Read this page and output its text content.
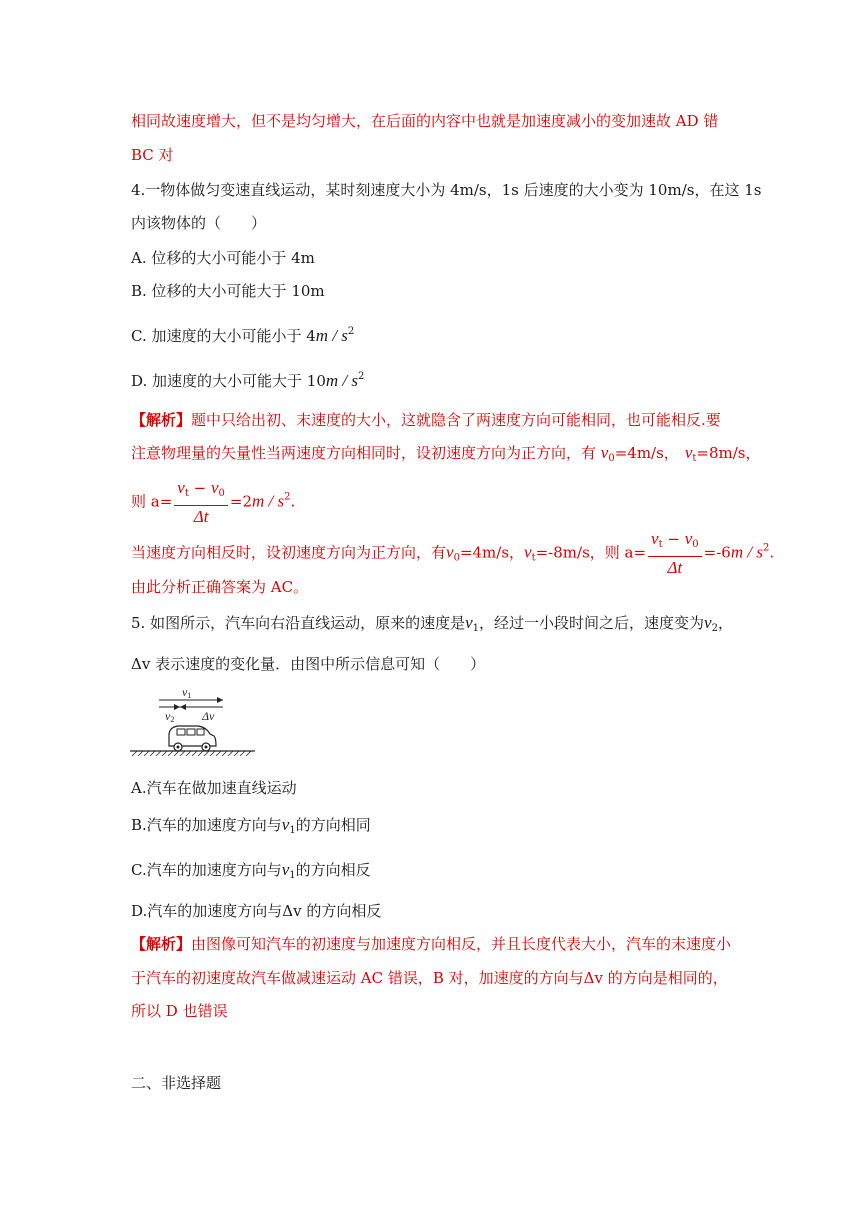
相同故速度增大，但不是均匀增大，在后面的内容中也就是加速度减小的变加速故 AD 错
BC 对
4.一物体做匀变速直线运动，某时刻速度大小为 4m/s，1s 后速度的大小变为 10m/s，在这 1s
内该物体的（　　）
A. 位移的大小可能小于 4m
B. 位移的大小可能大于 10m
C. 加速度的大小可能小于 $4m / s^2$
D. 加速度的大小可能大于 $10m / s^2$
【解析】题中只给出初、末速度的大小，这就隐含了两速度方向可能相同，也可能相反.要
注意物理量的矢量性当两速度方向相同时，设初速度方向为正方向，有 $v_0=4m/s$， $v_t=8m/s$，
则 $a= \frac{v_t - v_0}{\Delta t} =2m / s^2$.
当速度方向相反时，设初速度方向为正方向，有$v_0=4m/s$，$v_t=-8m/s$，则 $a= \frac{v_t - v_0}{\Delta t} =-6m / s^2$.
由此分析正确答案为 AC。
5. 如图所示，汽车向右沿直线运动，原来的速度是$v_1$，经过一小段时间之后，速度变为$v_2$，
Δv 表示速度的变化量．由图中所示信息可知（　　）
v1
v2 Δv
A.汽车在做加速直线运动
B.汽车的加速度方向与$v_1$的方向相同
C.汽车的加速度方向与$v_1$的方向相反
D.汽车的加速度方向与Δv 的方向相反
【解析】由图像可知汽车的初速度与加速度方向相反，并且长度代表大小，汽车的末速度小
于汽车的初速度故汽车做减速运动 AC 错误，B 对，加速度的方向与Δv 的方向是相同的，
所以 D 也错误
二、非选择题
